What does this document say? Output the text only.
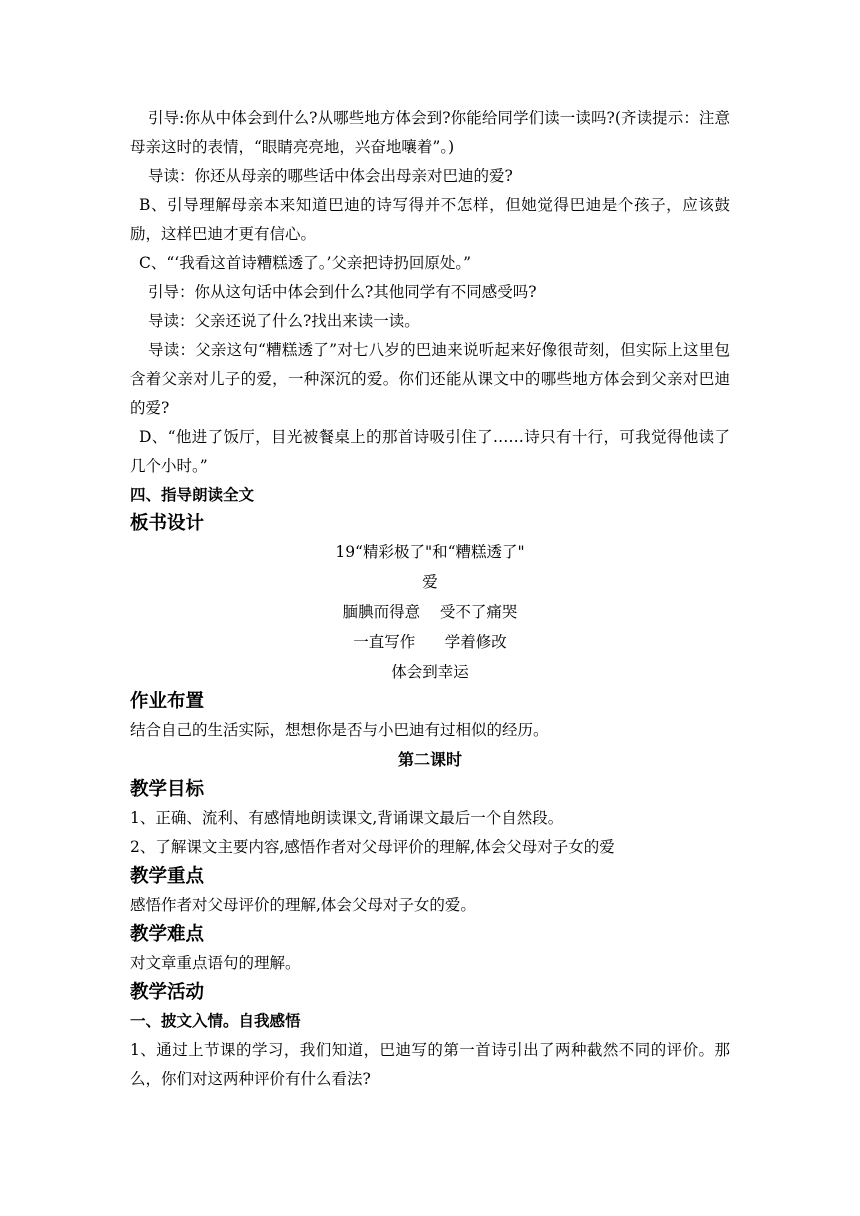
引导:你从中体会到什么?从哪些地方体会到?你能给同学们读一读吗?(齐读提示：注意母亲这时的表情，“眼睛亮亮地，兴奋地嚷着”。)

导读：你还从母亲的哪些话中体会出母亲对巴迪的爱?

B、引导理解母亲本来知道巴迪的诗写得并不怎样，但她觉得巴迪是个孩子，应该鼓励，这样巴迪才更有信心。

C、“‘我看这首诗糟糕透了。’父亲把诗扔回原处。”

引导：你从这句话中体会到什么?其他同学有不同感受吗?

导读：父亲还说了什么?找出来读一读。

导读：父亲这句“糟糕透了”对七八岁的巴迪来说听起来好像很苛刻，但实际上这里包含着父亲对儿子的爱，一种深沉的爱。你们还能从课文中的哪些地方体会到父亲对巴迪的爱?

D、“他进了饭厅，目光被餐桌上的那首诗吸引住了……诗只有十行，可我觉得他读了几个小时。”

四、指导朗读全文

板书设计

19“精彩极了"和“糟糕透了"

爱

腼腆而得意    受不了痛哭

一直写作      学着修改

体会到幸运

作业布置

结合自己的生活实际，想想你是否与小巴迪有过相似的经历。

第二课时

教学目标

1、正确、流利、有感情地朗读课文,背诵课文最后一个自然段。

2、了解课文主要内容,感悟作者对父母评价的理解,体会父母对子女的爱

教学重点

感悟作者对父母评价的理解,体会父母对子女的爱。

教学难点

对文章重点语句的理解。

教学活动

一、披文入情。自我感悟

1、通过上节课的学习，我们知道，巴迪写的第一首诗引出了两种截然不同的评价。那么，你们对这两种评价有什么看法?
